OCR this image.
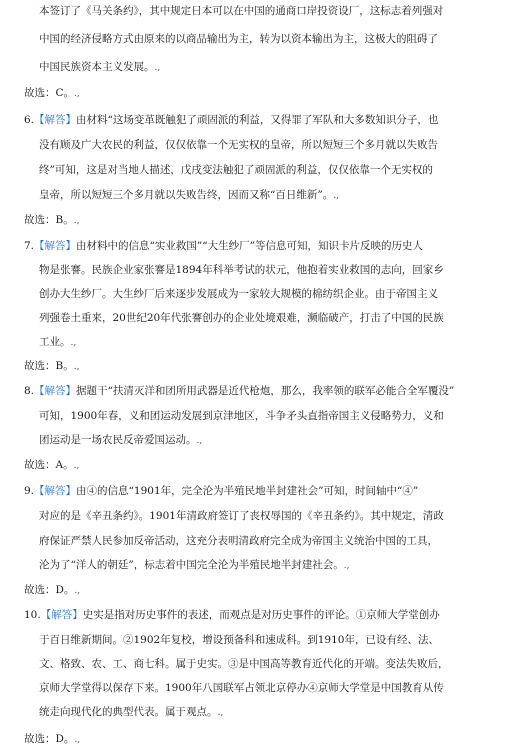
本签订了《马关条约》，其中规定日本可以在中国的通商口岸投资设厂，这标志着列强对
中国的经济侵略方式由原来的以商品输出为主，转为以资本输出为主，这极大的阻碍了
中国民族资本主义发展。.,
故选：C。.,
6.【解答】由材料“这场变革既触犯了顽固派的利益，又得罪了军队和大多数知识分子，也
没有顾及广大农民的利益，仅仅依靠一个无实权的皇帝，所以短短三个多月就以失败告
终”可知，这是对当地人描述，戊戌变法触犯了顽固派的利益，仅仅依靠一个无实权的
皇帝，所以短短三个多月就以失败告终，因而又称“百日维新”。.,
故选：B。.,
7.【解答】由材料中的信息“实业救国”“大生纱厂”等信息可知，知识卡片反映的历史人
物是张謇。民族企业家张謇是1894年科举考试的状元，他抱着实业救国的志向，回家乡
创办大生纱厂。大生纱厂后来逐步发展成为一家较大规模的棉纺织企业。由于帝国主义
列强卷土重来，20世纪20年代张謇创办的企业处境艰难，濒临破产，打击了中国的民族
工业。.,
故选：B。.,
8.【解答】据题干“扶清灭洋和团所用武器是近代枪炮，那么，我率领的联军必能合全军覆没”
可知，1900年春，义和团运动发展到京津地区，斗争矛头直指帝国主义侵略势力，义和
团运动是一场农民反帝爱国运动。.,
故选：A。.,
9.【解答】由④的信息“1901年，完全沦为半殖民地半封建社会”可知，时间轴中“④”
对应的是《辛丑条约》。1901年清政府签订了丧权辱国的《辛丑条约》。其中规定，清政
府保证严禁人民参加反帝活动，这充分表明清政府完全成为帝国主义统治中国的工具，
沦为了“洋人的朝廷”，标志着中国完全沦为半殖民地半封建社会。.,
故选：D。.,
10.【解答】史实是指对历史事件的表述，而观点是对历史事件的评论。①京师大学堂创办
于百日维新期间。②1902年复校，增设预备科和速成科。到1910年，已设有经、法、
文、格致、农、工、商七科。属于史实。③是中国高等教育近代化的开端。变法失败后，
京师大学堂得以保存下来。1900年八国联军占领北京停办④京师大学堂是中国教育从传
统走向现代化的典型代表。属于观点。.,
故选：D。.,
